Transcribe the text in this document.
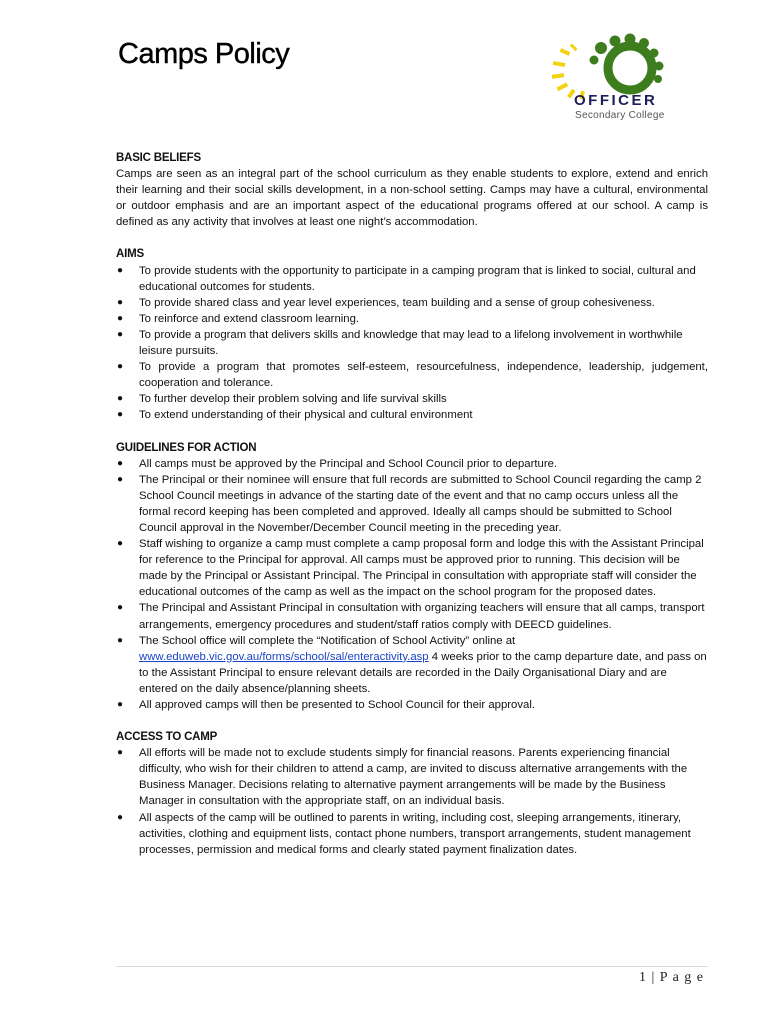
Camps Policy
OFFICER
Secondary College

BASIC BELIEFS

Camps are seen as an integral part of the school curriculum as they enable students to explore, extend and enrich their learning and their social skills development, in a non-school setting. Camps may have a cultural, environmental or outdoor emphasis and are an important aspect of the educational programs offered at our school. A camp is defined as any activity that involves at least one night’s accommodation.

AIMS

● To provide students with the opportunity to participate in a camping program that is linked to social, cultural and educational outcomes for students.
● To provide shared class and year level experiences, team building and a sense of group cohesiveness.
● To reinforce and extend classroom learning.
● To provide a program that delivers skills and knowledge that may lead to a lifelong involvement in worthwhile leisure pursuits.
● To provide a program that promotes self-esteem, resourcefulness, independence, leadership, judgement, cooperation and tolerance.
● To further develop their problem solving and life survival skills
● To extend understanding of their physical and cultural environment

GUIDELINES FOR ACTION

● All camps must be approved by the Principal and School Council prior to departure.
● The Principal or their nominee will ensure that full records are submitted to School Council regarding the camp 2 School Council meetings in advance of the starting date of the event and that no camp occurs unless all the formal record keeping has been completed and approved. Ideally all camps should be submitted to School Council approval in the November/December Council meeting in the preceding year.
● Staff wishing to organize a camp must complete a camp proposal form and lodge this with the Assistant Principal for reference to the Principal for approval. All camps must be approved prior to running. This decision will be made by the Principal or Assistant Principal. The Principal in consultation with appropriate staff will consider the educational outcomes of the camp as well as the impact on the school program for the proposed dates.
● The Principal and Assistant Principal in consultation with organizing teachers will ensure that all camps, transport arrangements, emergency procedures and student/staff ratios comply with DEECD guidelines.
● The School office will complete the “Notification of School Activity” online at www.eduweb.vic.gov.au/forms/school/sal/enteractivity.asp 4 weeks prior to the camp departure date, and pass on to the Assistant Principal to ensure relevant details are recorded in the Daily Organisational Diary and are entered on the daily absence/planning sheets.
● All approved camps will then be presented to School Council for their approval.

ACCESS TO CAMP

● All efforts will be made not to exclude students simply for financial reasons. Parents experiencing financial difficulty, who wish for their children to attend a camp, are invited to discuss alternative arrangements with the Business Manager. Decisions relating to alternative payment arrangements will be made by the Business Manager in consultation with the appropriate staff, on an individual basis.
● All aspects of the camp will be outlined to parents in writing, including cost, sleeping arrangements, itinerary, activities, clothing and equipment lists, contact phone numbers, transport arrangements, student management processes, permission and medical forms and clearly stated payment finalization dates.
1 | P a g e
